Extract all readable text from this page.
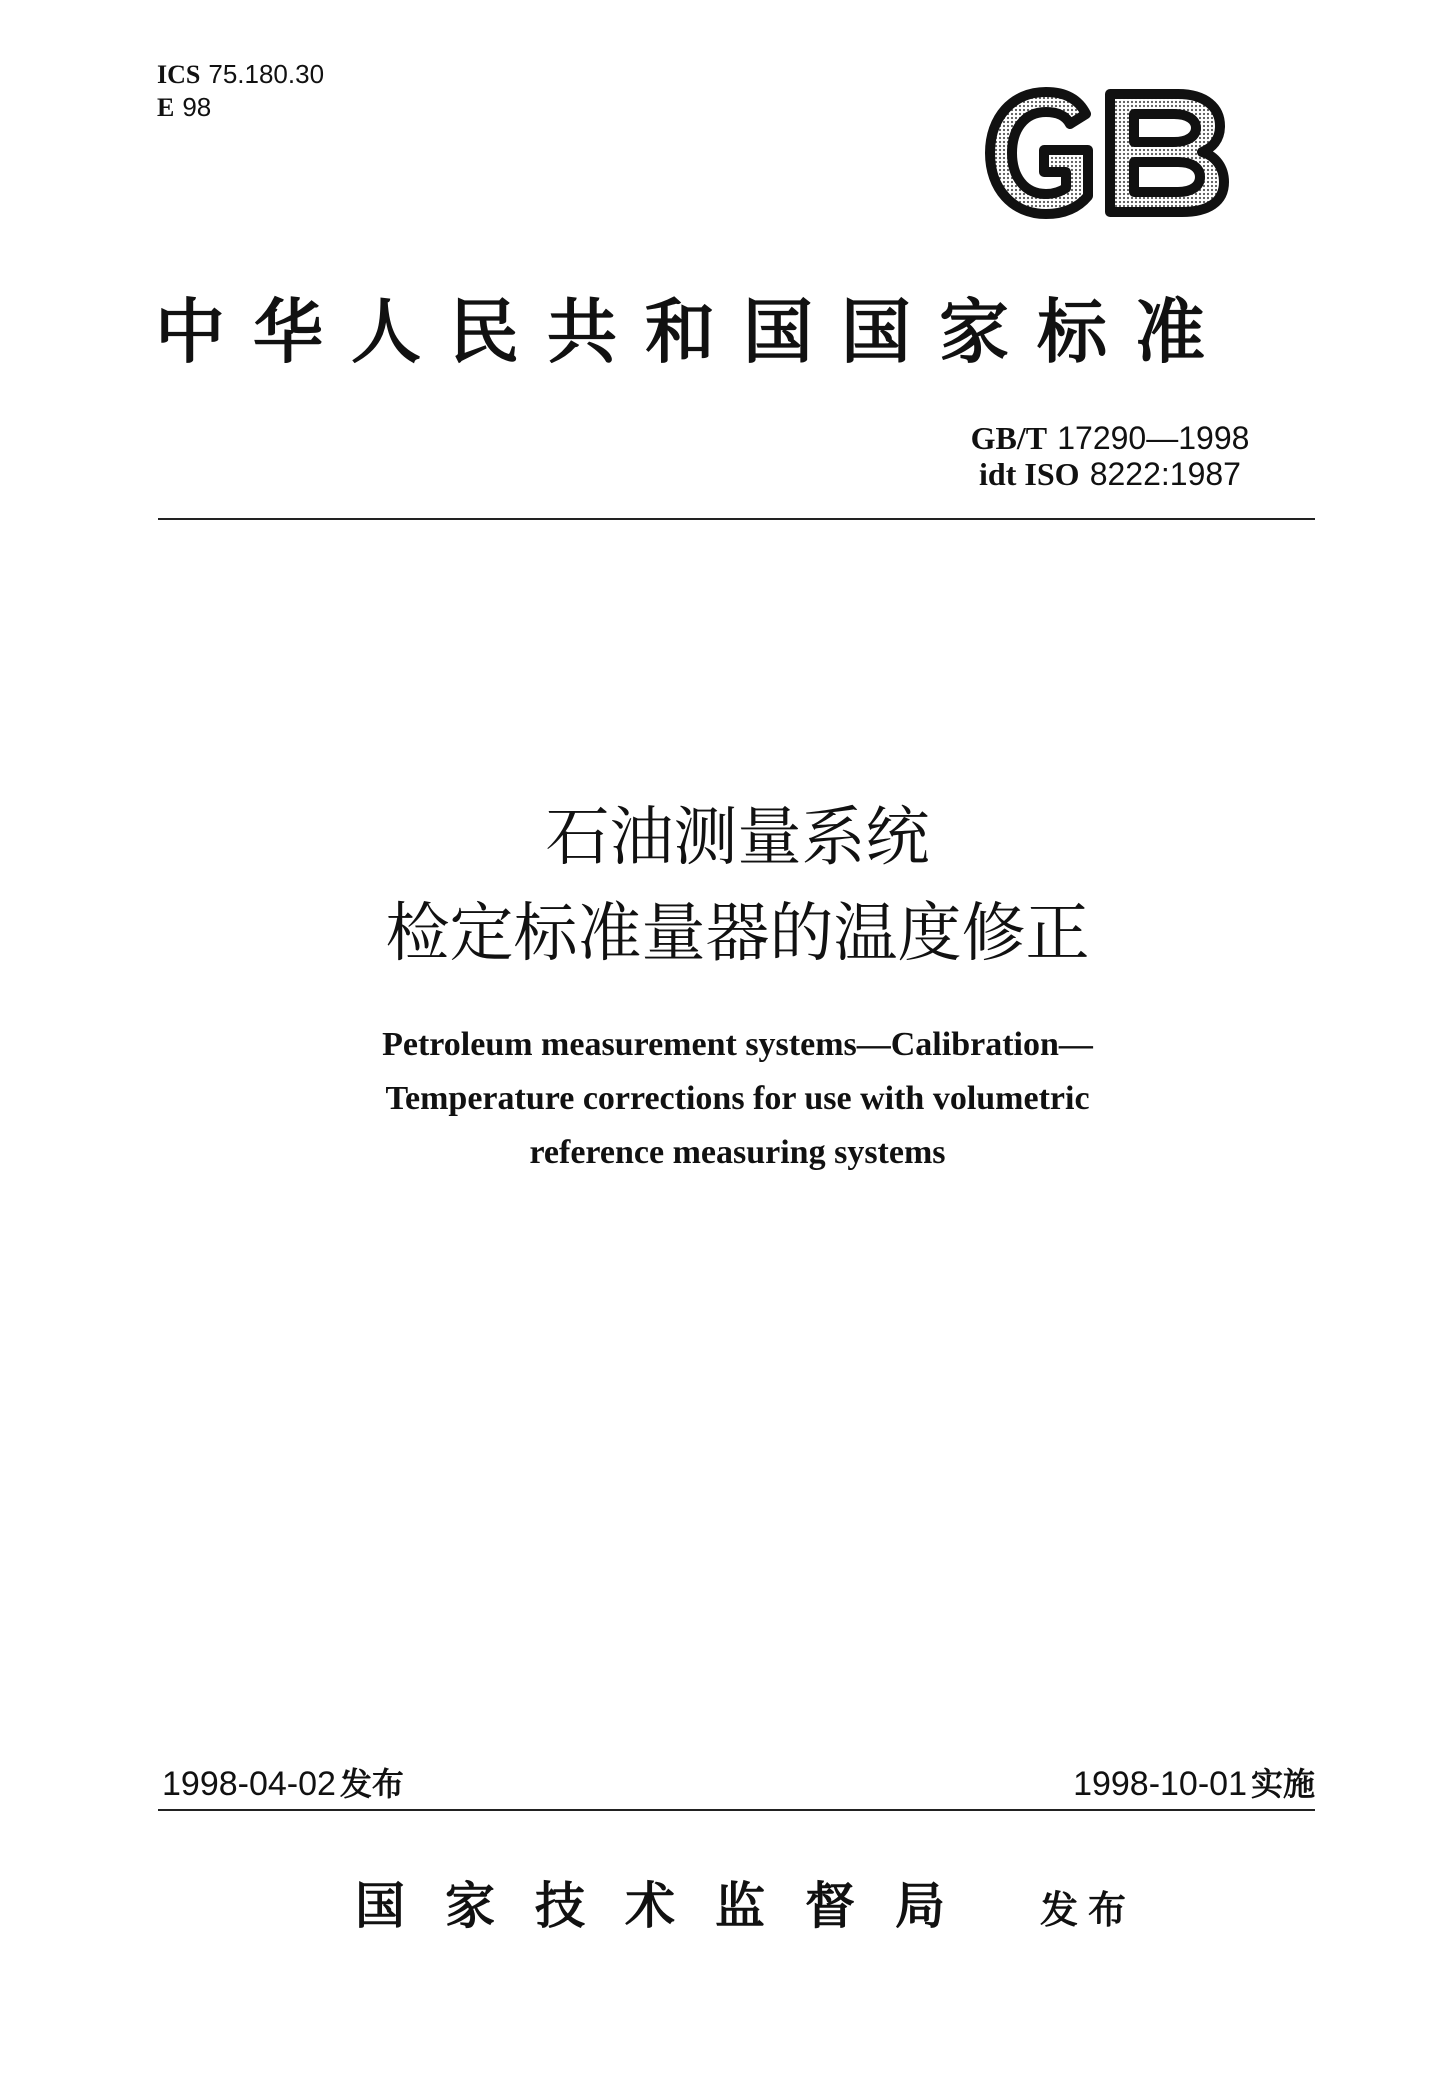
ICS 75.180.30
E 98
中华人民共和国国家标准
GB/T 17290—1998
idt ISO 8222:1987
石油测量系统
检定标准量器的温度修正
Petroleum measurement systems—Calibration—
Temperature corrections for use with volumetric
reference measuring systems
1998-04-02 发布	1998-10-01 实施
国家技术监督局 发布
